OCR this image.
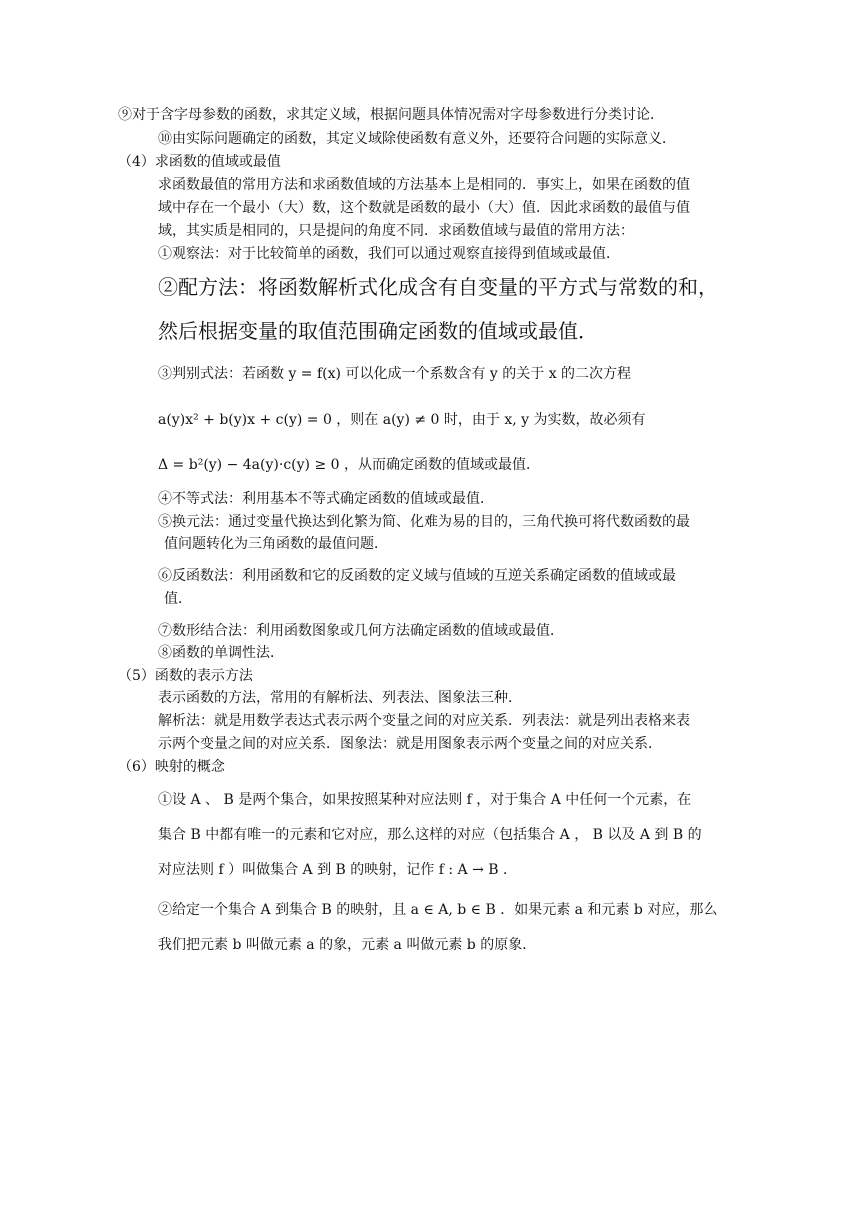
⑨对于含字母参数的函数，求其定义域，根据问题具体情况需对字母参数进行分类讨论．
⑩由实际问题确定的函数，其定义域除使函数有意义外，还要符合问题的实际意义．
（4）求函数的值域或最值
求函数最值的常用方法和求函数值域的方法基本上是相同的．事实上，如果在函数的值
域中存在一个最小（大）数，这个数就是函数的最小（大）值．因此求函数的最值与值
域，其实质是相同的，只是提问的角度不同．求函数值域与最值的常用方法：
①观察法：对于比较简单的函数，我们可以通过观察直接得到值域或最值．
②配方法：将函数解析式化成含有自变量的平方式与常数的和，
然后根据变量的取值范围确定函数的值域或最值．
③判别式法：若函数 y = f(x) 可以化成一个系数含有 y 的关于 x 的二次方程
a(y)x² + b(y)x + c(y) = 0 ，则在 a(y) ≠ 0 时，由于 x, y 为实数，故必须有
Δ = b²(y) − 4a(y)·c(y) ≥ 0 ，从而确定函数的值域或最值．
④不等式法：利用基本不等式确定函数的值域或最值．
⑤换元法：通过变量代换达到化繁为简、化难为易的目的，三角代换可将代数函数的最
值问题转化为三角函数的最值问题．
⑥反函数法：利用函数和它的反函数的定义域与值域的互逆关系确定函数的值域或最
值．
⑦数形结合法：利用函数图象或几何方法确定函数的值域或最值．
⑧函数的单调性法．
（5）函数的表示方法
表示函数的方法，常用的有解析法、列表法、图象法三种．
解析法：就是用数学表达式表示两个变量之间的对应关系．列表法：就是列出表格来表
示两个变量之间的对应关系．图象法：就是用图象表示两个变量之间的对应关系．
（6）映射的概念
①设 A 、 B 是两个集合，如果按照某种对应法则 f ，对于集合 A 中任何一个元素，在
集合 B 中都有唯一的元素和它对应，那么这样的对应（包括集合 A ， B 以及 A 到 B 的
对应法则 f ）叫做集合 A 到 B 的映射，记作 f : A → B ．
②给定一个集合 A 到集合 B 的映射，且 a ∈ A, b ∈ B ．如果元素 a 和元素 b 对应，那么
我们把元素 b 叫做元素 a 的象，元素 a 叫做元素 b 的原象．
